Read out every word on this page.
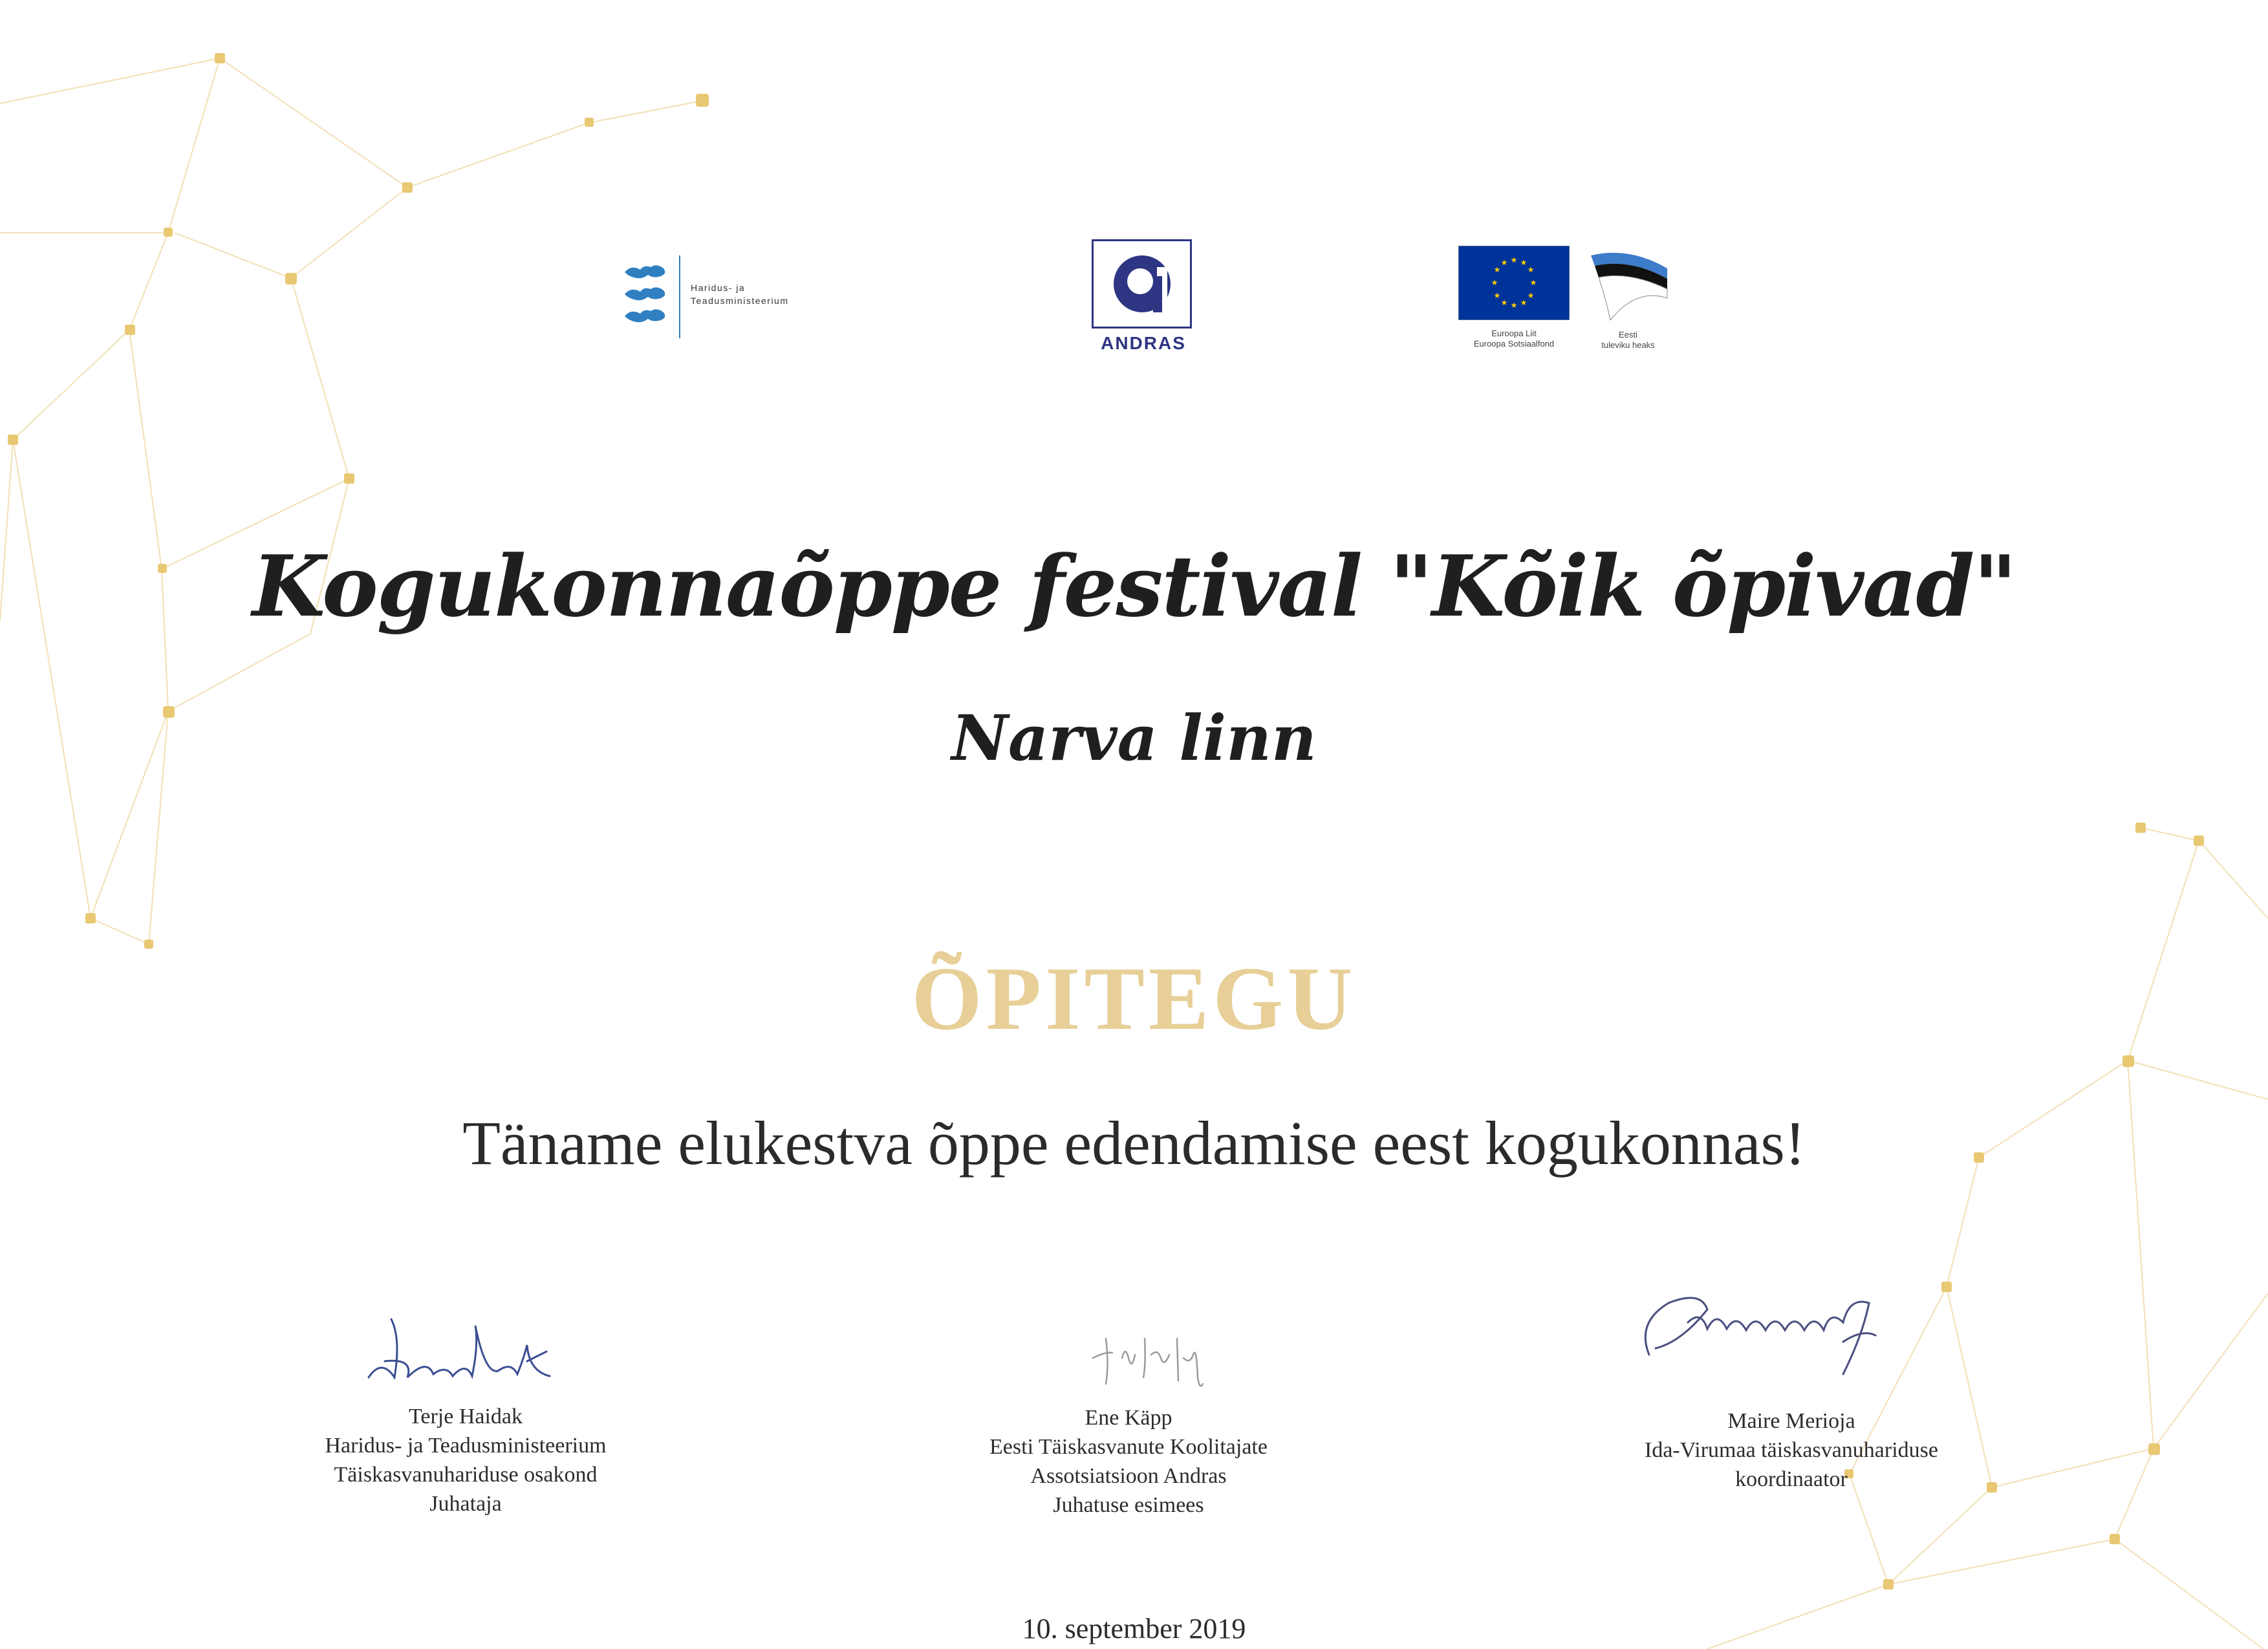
Haridus- ja
Teadusministeerium
ANDRAS
★ ★
★
★
★
★
★
★
★
★
★
★
Euroopa Liit
Euroopa Sotsiaalfond
Eesti
tuleviku heaks
Kogukonnaõppe festival "Kõik õpivad"
Narva linn
ÕPITEGU
Täname elukestva õppe edendamise eest kogukonnas!
Terje Haidak
Haridus- ja Teadusministeerium
Täiskasvanuhariduse osakond
Juhataja
Ene Käpp
Eesti Täiskasvanute Koolitajate
Assotsiatsioon Andras
Juhatuse esimees
Maire Merioja
Ida-Virumaa täiskasvanuhariduse
koordinaator
10. september 2019
